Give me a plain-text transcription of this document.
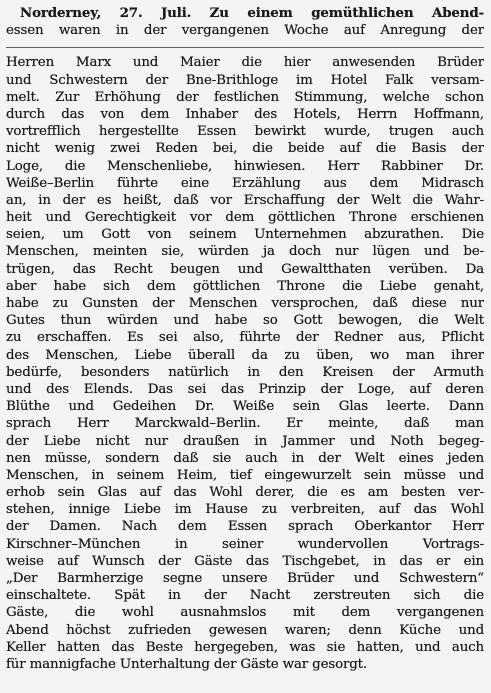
Norderney, 27. Juli. Zu einem gemüthlichen Abend-
essen waren in der vergangenen Woche auf Anregung der
Herren Marx und Maier die hier anwesenden Brüder
und Schwestern der Bne-Brithloge im Hotel Falk versam-
melt. Zur Erhöhung der festlichen Stimmung, welche schon
durch das von dem Inhaber des Hotels, Herrn Hoffmann,
vortrefflich hergestellte Essen bewirkt wurde, trugen auch
nicht wenig zwei Reden bei, die beide auf die Basis der
Loge, die Menschenliebe, hinwiesen. Herr Rabbiner Dr.
Weiße–Berlin führte eine Erzählung aus dem Midrasch
an, in der es heißt, daß vor Erschaffung der Welt die Wahr-
heit und Gerechtigkeit vor dem göttlichen Throne erschienen
seien, um Gott von seinem Unternehmen abzurathen. Die
Menschen, meinten sie, würden ja doch nur lügen und be-
trügen, das Recht beugen und Gewaltthaten verüben. Da
aber habe sich dem göttlichen Throne die Liebe genaht,
habe zu Gunsten der Menschen versprochen, daß diese nur
Gutes thun würden und habe so Gott bewogen, die Welt
zu erschaffen. Es sei also, führte der Redner aus, Pflicht
des Menschen, Liebe überall da zu üben, wo man ihrer
bedürfe, besonders natürlich in den Kreisen der Armuth
und des Elends. Das sei das Prinzip der Loge, auf deren
Blüthe und Gedeihen Dr. Weiße sein Glas leerte. Dann
sprach Herr Marckwald–Berlin. Er meinte, daß man
der Liebe nicht nur draußen in Jammer und Noth begeg-
nen müsse, sondern daß sie auch in der Welt eines jeden
Menschen, in seinem Heim, tief eingewurzelt sein müsse und
erhob sein Glas auf das Wohl derer, die es am besten ver-
stehen, innige Liebe im Hause zu verbreiten, auf das Wohl
der Damen. Nach dem Essen sprach Oberkantor Herr
Kirschner–München in seiner wundervollen Vortrags-
weise auf Wunsch der Gäste das Tischgebet, in das er ein
„Der Barmherzige segne unsere Brüder und Schwestern“
einschaltete. Spät in der Nacht zerstreuten sich die
Gäste, die wohl ausnahmslos mit dem vergangenen
Abend höchst zufrieden gewesen waren; denn Küche und
Keller hatten das Beste hergegeben, was sie hatten, und auch
für mannigfache Unterhaltung der Gäste war gesorgt.
